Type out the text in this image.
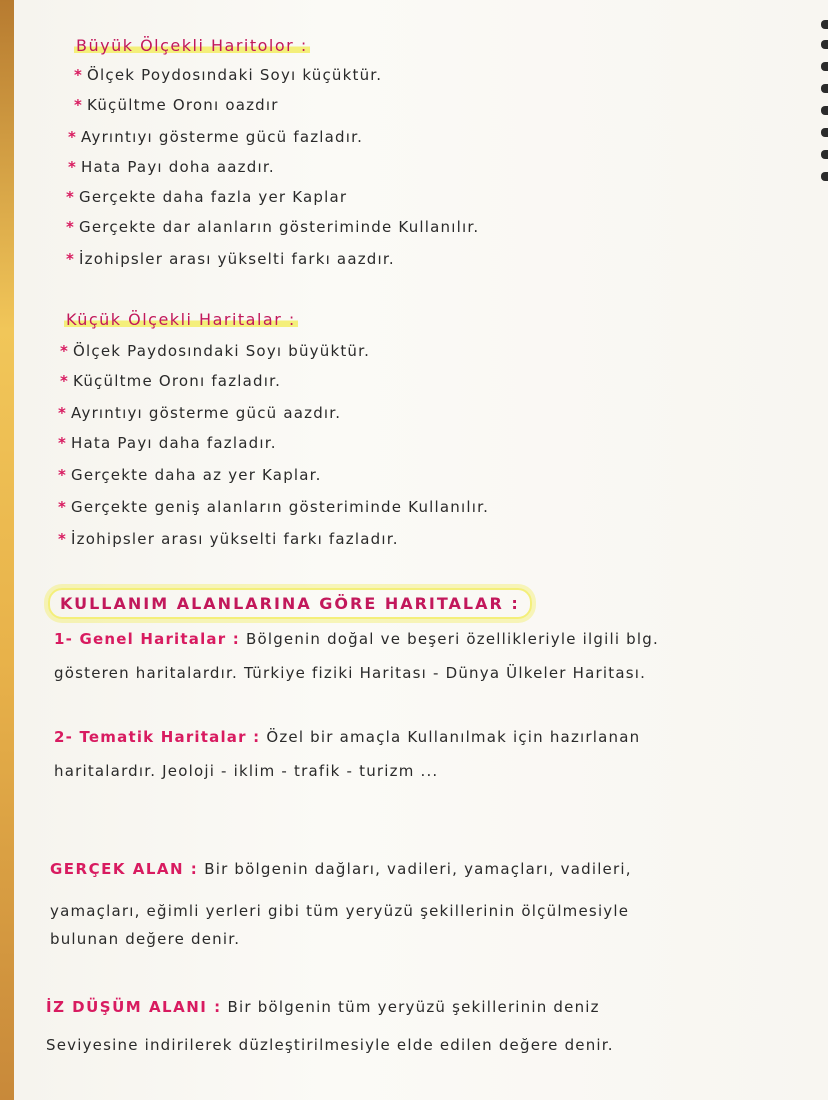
Büyük Ölçekli Haritolor :
* Ölçek Poydosındaki Soyı küçüktür.
* Küçültme Oronı oazdır
* Ayrıntıyı gösterme gücü fazladır.
* Hata Payı doha aazdır.
* Gerçekte daha fazla yer Kaplar
* Gerçekte dar alanların gösteriminde Kullanılır.
* İzohipsler arası yükselti farkı aazdır.
Küçük Ölçekli Haritalar :
* Ölçek Paydosındaki Soyı büyüktür.
* Küçültme Oronı fazladır.
* Ayrıntıyı gösterme gücü aazdır.
* Hata Payı daha fazladır.
* Gerçekte daha az yer Kaplar.
* Gerçekte geniş alanların gösteriminde Kullanılır.
* İzohipsler arası yükselti farkı fazladır.
KULLANIM ALANLARINA GÖRE HARITALAR :
1- Genel Haritalar : Bölgenin doğal ve beşeri özellikleriyle ilgili blg.
gösteren haritalardır. Türkiye fiziki Haritası - Dünya Ülkeler Haritası.
2- Tematik Haritalar : Özel bir amaçla Kullanılmak için hazırlanan
haritalardır. Jeoloji - iklim - trafik - turizm ...
GERÇEK ALAN : Bir bölgenin dağları, vadileri, yamaçları, vadileri,
yamaçları, eğimli yerleri gibi tüm yeryüzü şekillerinin ölçülmesiyle
bulunan değere denir.
İZ DÜŞÜM ALANI : Bir bölgenin tüm yeryüzü şekillerinin deniz
Seviyesine indirilerek düzleştirilmesiyle elde edilen değere denir.
